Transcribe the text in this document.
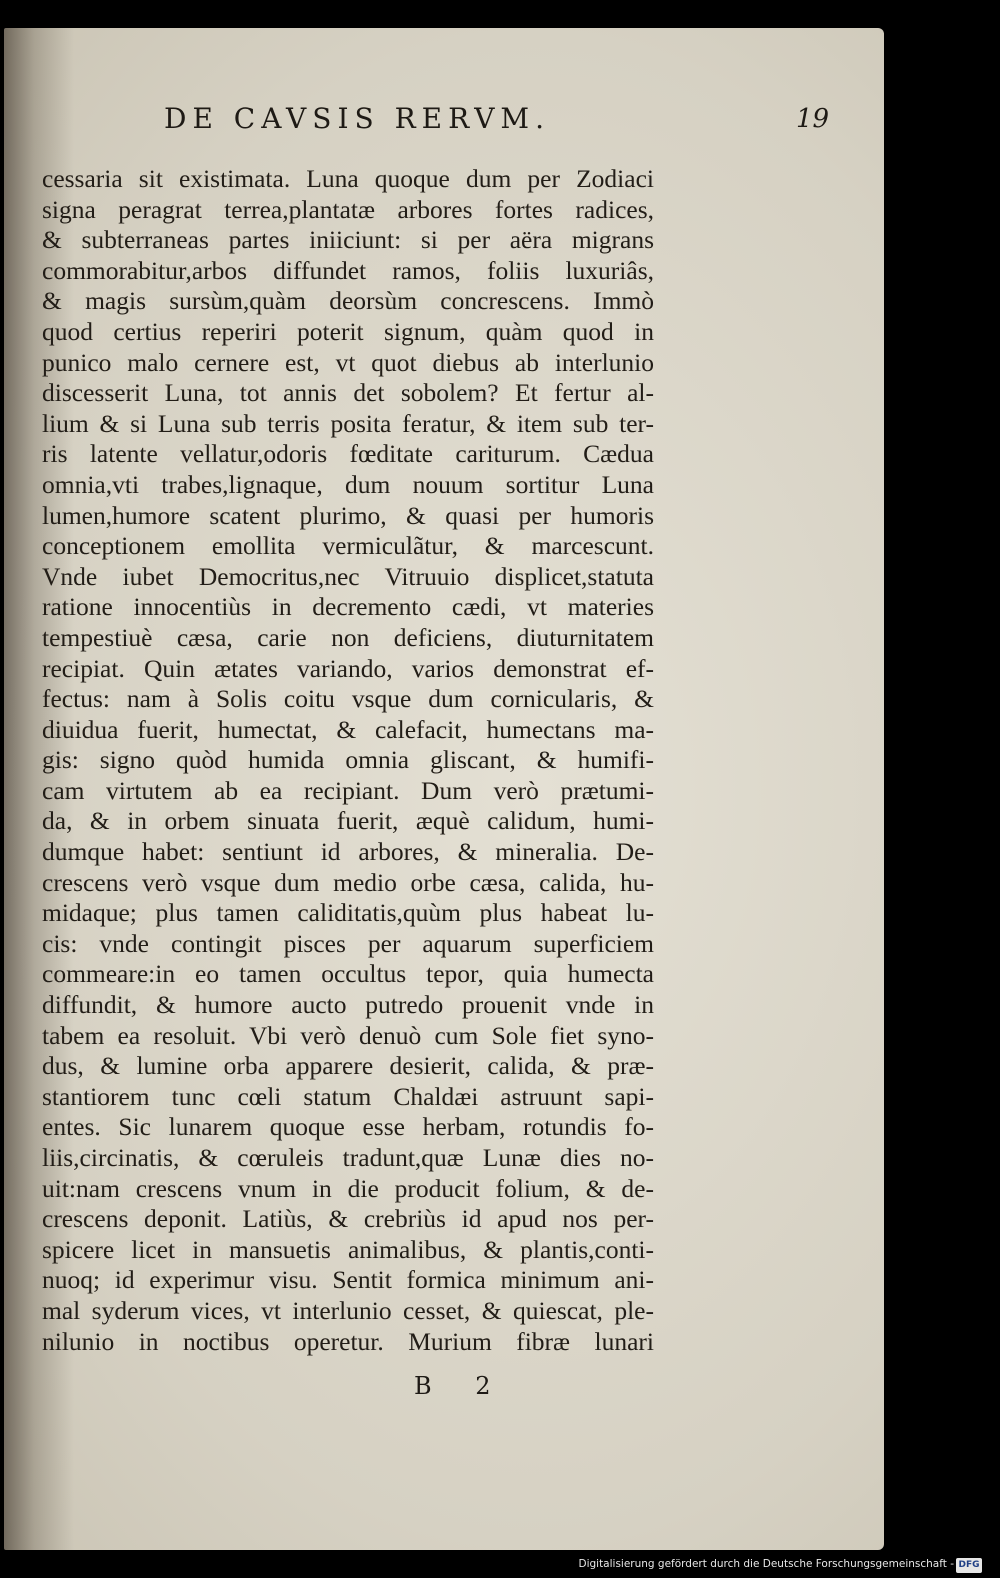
DE CAVSIS RERVM.	19
cessaria sit existimata. Luna quoque dum per Zodiaci
signa peragrat terrea,plantatæ arbores fortes radices,
& subterraneas partes iniiciunt: si per aëra migrans
commorabitur,arbos diffundet ramos, foliis luxuriâs,
& magis sursùm,quàm deorsùm concrescens. Immò
quod certius reperiri poterit signum, quàm quod in
punico malo cernere est, vt quot diebus ab interlunio
discesserit Luna, tot annis det sobolem? Et fertur al-
lium & si Luna sub terris posita feratur, & item sub ter-
ris latente vellatur,odoris fœditate cariturum. Cædua
omnia,vti trabes,lignaque, dum nouum sortitur Luna
lumen,humore scatent plurimo, & quasi per humoris
conceptionem emollita vermiculãtur, & marcescunt.
Vnde iubet Democritus,nec Vitruuio displicet,statuta
ratione innocentiùs in decremento cædi, vt materies
tempestiuè cæsa, carie non deficiens, diuturnitatem
recipiat. Quin ætates variando, varios demonstrat ef-
fectus: nam à Solis coitu vsque dum cornicularis, &
diuidua fuerit, humectat, & calefacit, humectans ma-
gis: signo quòd humida omnia gliscant, & humifi-
cam virtutem ab ea recipiant. Dum verò prætumi-
da, & in orbem sinuata fuerit, æquè calidum, humi-
dumque habet: sentiunt id arbores, & mineralia. De-
crescens verò vsque dum medio orbe cæsa, calida, hu-
midaque; plus tamen caliditatis,quùm plus habeat lu-
cis: vnde contingit pisces per aquarum superficiem
commeare:in eo tamen occultus tepor, quia humecta
diffundit, & humore aucto putredo prouenit vnde in
tabem ea resoluit. Vbi verò denuò cum Sole fiet syno-
dus, & lumine orba apparere desierit, calida, & præ-
stantiorem tunc cœli statum Chaldæi astruunt sapi-
entes. Sic lunarem quoque esse herbam, rotundis fo-
liis,circinatis, & cœruleis tradunt,quæ Lunæ dies no-
uit:nam crescens vnum in die producit folium, & de-
crescens deponit. Latiùs, & crebriùs id apud nos per-
spicere licet in mansuetis animalibus, & plantis,conti-
nuoq; id experimur visu. Sentit formica minimum ani-
mal syderum vices, vt interlunio cesset, & quiescat, ple-
nilunio in noctibus operetur. Murium fibræ lunari
B 2
Digitalisierung gefördert durch die Deutsche Forschungsgemeinschaft - DFG
